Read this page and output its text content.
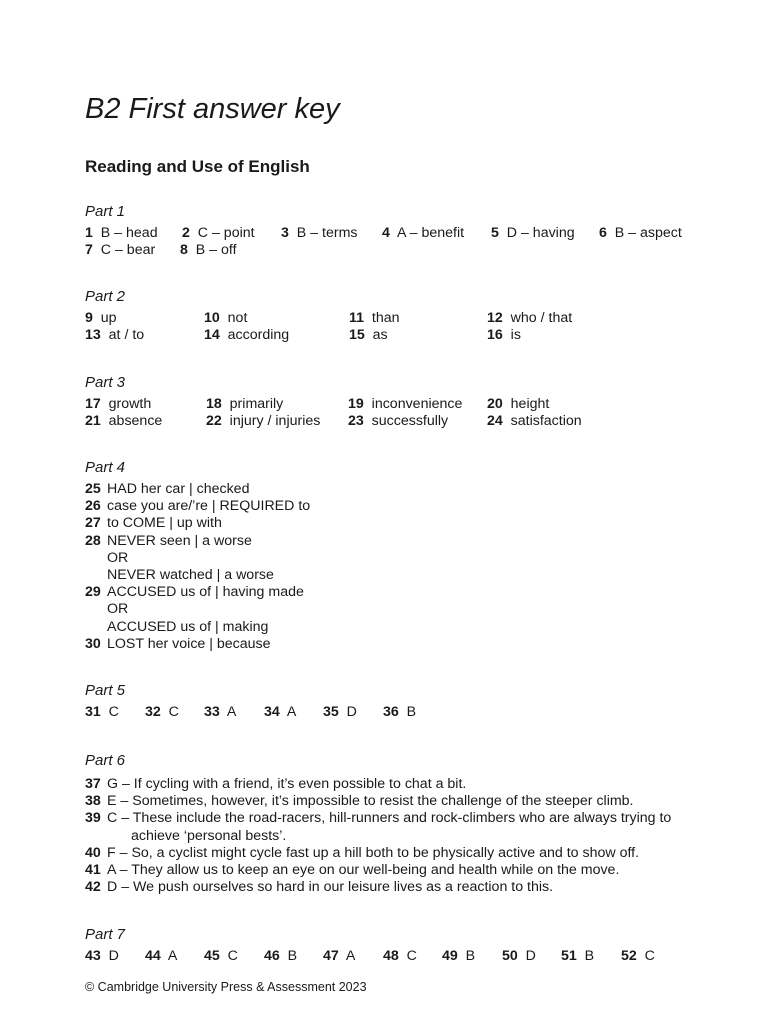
B2 First answer key
Reading and Use of English
Part 1
1 B – head 2 C – point 3 B – terms 4 A – benefit 5 D – having 6 B – aspect
7 C – bear 8 B – off
Part 2
9 up	10 not	11 than	12 who / that
13 at / to	14 according	15 as	16 is
Part 3
17 growth	18 primarily	19 inconvenience 20 height
21 absence	22 injury / injuries 23 successfully	24 satisfaction
Part 4
25 HAD her car | checked
26 case you are/’re | REQUIRED to
27 to COME | up with
28 NEVER seen | a worse
OR
NEVER watched | a worse
29 ACCUSED us of | having made
OR
ACCUSED us of | making
30 LOST her voice | because
Part 5
31 C 32 C 33 A 34 A 35 D 36 B
Part 6
37 G – If cycling with a friend, it’s even possible to chat a bit.
38 E – Sometimes, however, it’s impossible to resist the challenge of the steeper climb.
39 C – These include the road-racers, hill-runners and rock-climbers who are always trying to
achieve ‘personal bests’.
40 F – So, a cyclist might cycle fast up a hill both to be physically active and to show off.
41 A – They allow us to keep an eye on our well-being and health while on the move.
42 D – We push ourselves so hard in our leisure lives as a reaction to this.
Part 7
43 D 44 A 45 C 46 B 47 A 48 C 49 B 50 D 51 B 52 C
© Cambridge University Press & Assessment 2023
